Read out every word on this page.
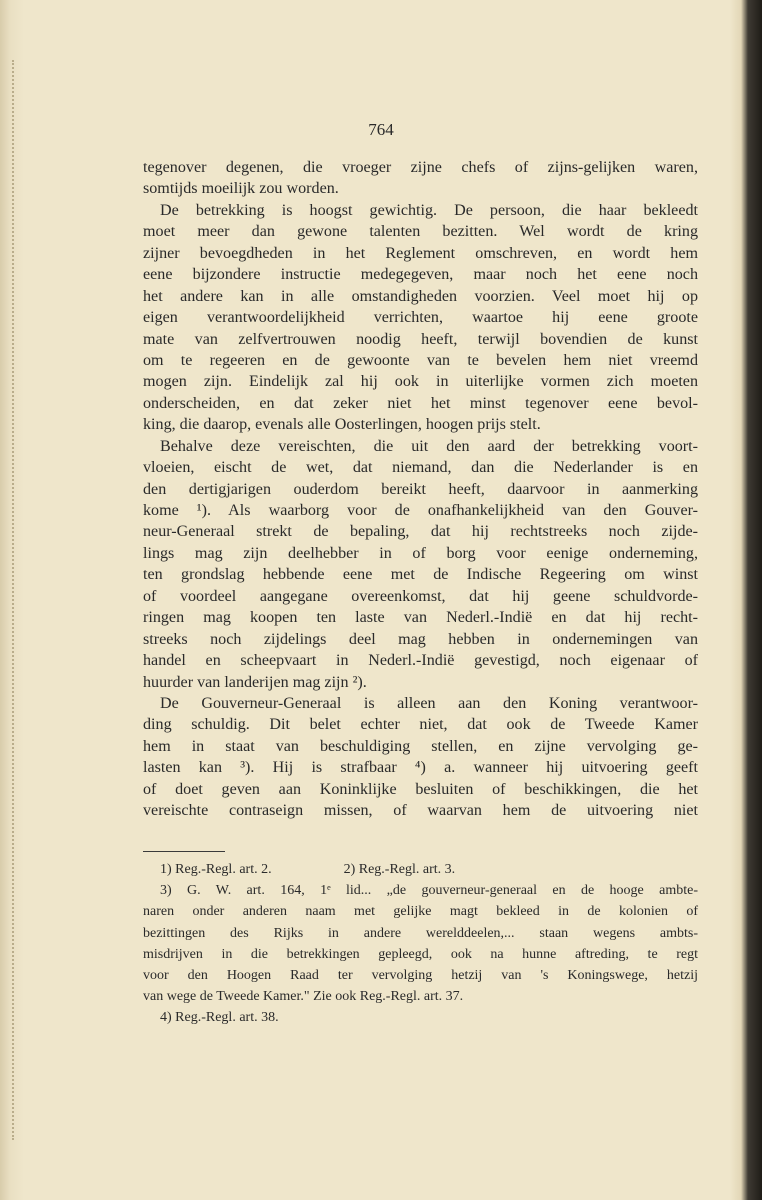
764
tegenover degenen, die vroeger zijne chefs of zijns-gelijken waren,
somtijds moeilijk zou worden.
De betrekking is hoogst gewichtig. De persoon, die haar bekleedt
moet meer dan gewone talenten bezitten. Wel wordt de kring
zijner bevoegdheden in het Reglement omschreven, en wordt hem
eene bijzondere instructie medegegeven, maar noch het eene noch
het andere kan in alle omstandigheden voorzien. Veel moet hij op
eigen verantwoordelijkheid verrichten, waartoe hij eene groote
mate van zelfvertrouwen noodig heeft, terwijl bovendien de kunst
om te regeeren en de gewoonte van te bevelen hem niet vreemd
mogen zijn. Eindelijk zal hij ook in uiterlijke vormen zich moeten
onderscheiden, en dat zeker niet het minst tegenover eene bevol-
king, die daarop, evenals alle Oosterlingen, hoogen prijs stelt.
Behalve deze vereischten, die uit den aard der betrekking voort-
vloeien, eischt de wet, dat niemand, dan die Nederlander is en
den dertigjarigen ouderdom bereikt heeft, daarvoor in aanmerking
kome ¹). Als waarborg voor de onafhankelijkheid van den Gouver-
neur-Generaal strekt de bepaling, dat hij rechtstreeks noch zijde-
lings mag zijn deelhebber in of borg voor eenige onderneming,
ten grondslag hebbende eene met de Indische Regeering om winst
of voordeel aangegane overeenkomst, dat hij geene schuldvorde-
ringen mag koopen ten laste van Nederl.-Indië en dat hij recht-
streeks noch zijdelings deel mag hebben in ondernemingen van
handel en scheepvaart in Nederl.-Indië gevestigd, noch eigenaar of
huurder van landerijen mag zijn ²).
De Gouverneur-Generaal is alleen aan den Koning verantwoor-
ding schuldig. Dit belet echter niet, dat ook de Tweede Kamer
hem in staat van beschuldiging stellen, en zijne vervolging ge-
lasten kan ³). Hij is strafbaar ⁴) a. wanneer hij uitvoering geeft
of doet geven aan Koninklijke besluiten of beschikkingen, die het
vereischte contraseign missen, of waarvan hem de uitvoering niet
1) Reg.-Regl. art. 2.	2) Reg.-Regl. art. 3.
3) G. W. art. 164, 1ᵉ lid... „de gouverneur-generaal en de hooge ambte-
naren onder anderen naam met gelijke magt bekleed in de kolonien of
bezittingen des Rijks in andere werelddeelen,... staan wegens ambts-
misdrijven in die betrekkingen gepleegd, ook na hunne aftreding, te regt
voor den Hoogen Raad ter vervolging hetzij van 's Koningswege, hetzij
van wege de Tweede Kamer." Zie ook Reg.-Regl. art. 37.
4) Reg.-Regl. art. 38.
